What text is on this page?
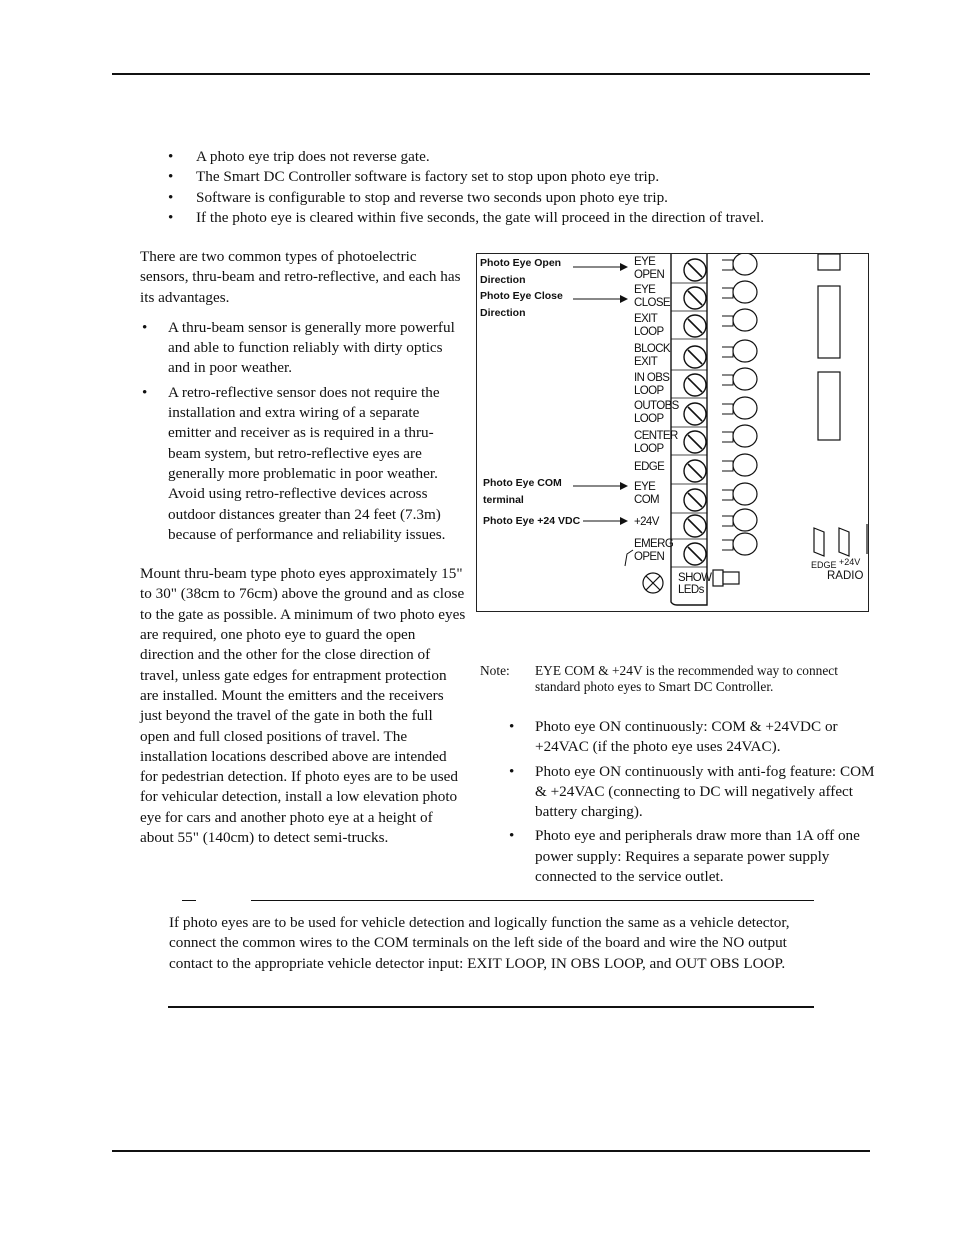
• A photo eye trip does not reverse gate.
• The Smart DC Controller software is factory set to stop upon photo eye trip.
• Software is configurable to stop and reverse two seconds upon photo eye trip.
• If the photo eye is cleared within five seconds, the gate will proceed in the direction of travel.

There are two common types of photoelectric sensors, thru-beam and retro-reflective, and each has its advantages.

• A thru-beam sensor is generally more powerful and able to function reliably with dirty optics and in poor weather.
• A retro-reflective sensor does not require the installation and extra wiring of a separate emitter and receiver as is required in a thru-beam system, but retro-reflective eyes are generally more problematic in poor weather. Avoid using retro-reflective devices across outdoor distances greater than 24 feet (7.3m) because of performance and reliability issues.

Mount thru-beam type photo eyes approximately 15" to 30" (38cm to 76cm) above the ground and as close to the gate as possible. A minimum of two photo eyes are required, one photo eye to guard the open direction and the other for the close direction of travel, unless gate edges for entrapment protection are installed. Mount the emitters and the receivers just beyond the travel of the gate in both the full open and full closed positions of travel. The installation locations described above are intended for pedestrian detection. If photo eyes are to be used for vehicular detection, install a low elevation photo eye for cars and another photo eye at a height of about 55" (140cm) to detect semi-trucks.

Photo Eye Open
Direction
Photo Eye Close
Direction
Photo Eye COM
terminal
Photo Eye +24 VDC
EYE
OPEN
EYE
CLOSE
EXIT
LOOP
BLOCK
EXIT
IN OBS
LOOP
OUTOBS
LOOP
CENTER
LOOP
EDGE
EYE
COM
+24V
EMERG
OPEN
SHOW
LEDs
EDGE +24V
RADIO
Note: EYE COM & +24V is the recommended way to connect standard photo eyes to Smart DC Controller.
• Photo eye ON continuously: COM & +24VDC or +24VAC (if the photo eye uses 24VAC).
• Photo eye ON continuously with anti-fog feature: COM & +24VAC (connecting to DC will negatively affect battery charging).
• Photo eye and peripherals draw more than 1A off one power supply: Requires a separate power supply connected to the service outlet.

If photo eyes are to be used for vehicle detection and logically function the same as a vehicle detector, connect the common wires to the COM terminals on the left side of the board and wire the NO output contact to the appropriate vehicle detector input: EXIT LOOP, IN OBS LOOP, and OUT OBS LOOP.
